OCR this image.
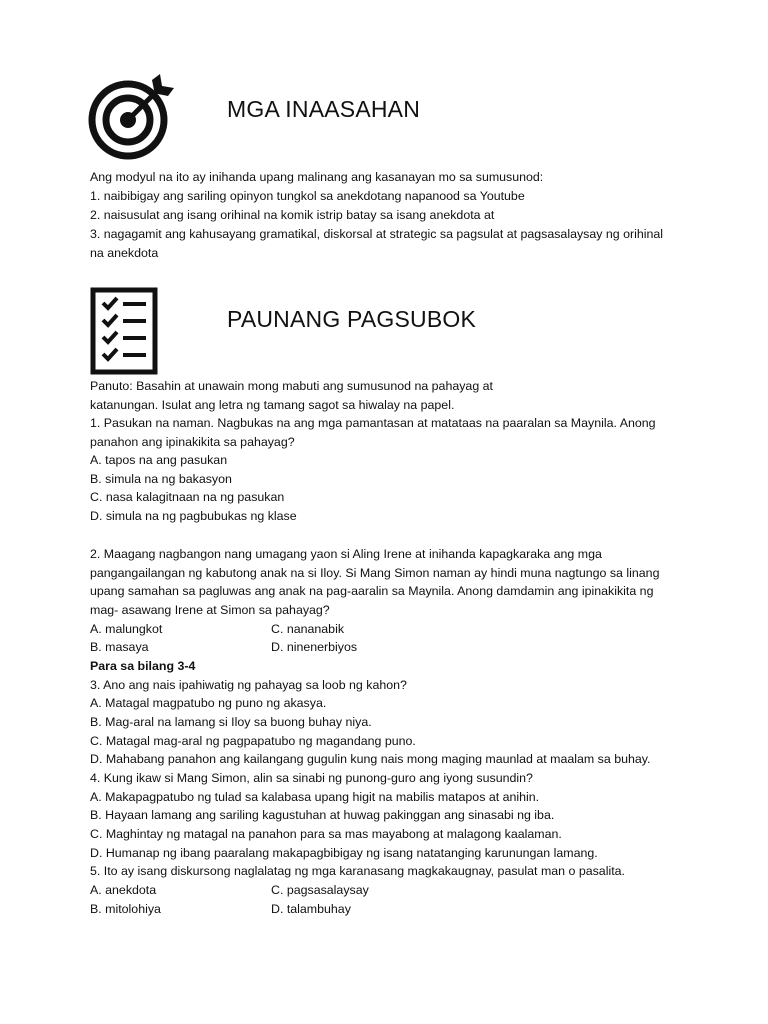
MGA INAASAHAN
Ang modyul na ito ay inihanda upang malinang ang kasanayan mo sa sumusunod:
1. naibibigay ang sariling opinyon tungkol sa anekdotang napanood sa Youtube
2. naisusulat ang isang orihinal na komik istrip batay sa isang anekdota at
3. nagagamit ang kahusayang gramatikal, diskorsal at strategic sa pagsulat at pagsasalaysay ng orihinal
na anekdota
PAUNANG PAGSUBOK
Panuto: Basahin at unawain mong mabuti ang sumusunod na pahayag at
katanungan. Isulat ang letra ng tamang sagot sa hiwalay na papel.
1. Pasukan na naman. Nagbukas na ang mga pamantasan at matataas na paaralan sa Maynila. Anong
panahon ang ipinakikita sa pahayag?
A. tapos na ang pasukan
B. simula na ng bakasyon
C. nasa kalagitnaan na ng pasukan
D. simula na ng pagbubukas ng klase
2. Maagang nagbangon nang umagang yaon si Aling Irene at inihanda kapagkaraka ang mga
pangangailangan ng kabutong anak na si Iloy. Si Mang Simon naman ay hindi muna nagtungo sa linang
upang samahan sa pagluwas ang anak na pag-aaralin sa Maynila. Anong damdamin ang ipinakikita ng
mag- asawang Irene at Simon sa pahayag?
A. malungkot	C. nananabik
B. masaya	D. ninenerbiyos
Para sa bilang 3-4
3. Ano ang nais ipahiwatig ng pahayag sa loob ng kahon?
A. Matagal magpatubo ng puno ng akasya.
B. Mag-aral na lamang si Iloy sa buong buhay niya.
C. Matagal mag-aral ng pagpapatubo ng magandang puno.
D. Mahabang panahon ang kailangang gugulin kung nais mong maging maunlad at maalam sa buhay.
4. Kung ikaw si Mang Simon, alin sa sinabi ng punong-guro ang iyong susundin?
A. Makapagpatubo ng tulad sa kalabasa upang higit na mabilis matapos at anihin.
B. Hayaan lamang ang sariling kagustuhan at huwag pakinggan ang sinasabi ng iba.
C. Maghintay ng matagal na panahon para sa mas mayabong at malagong kaalaman.
D. Humanap ng ibang paaralang makapagbibigay ng isang natatanging karunungan lamang.
5. Ito ay isang diskursong naglalatag ng mga karanasang magkakaugnay, pasulat man o pasalita.
A. anekdota	C. pagsasalaysay
B. mitolohiya	D. talambuhay
